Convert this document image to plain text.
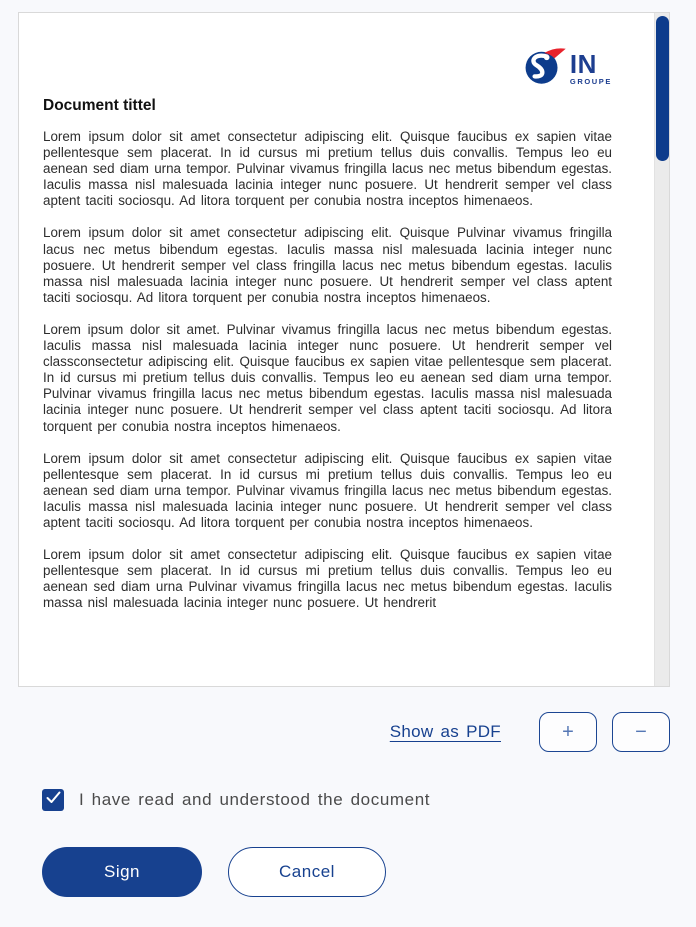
IN
GROUPE
Document tittel

Lorem ipsum dolor sit amet consectetur adipiscing elit. Quisque faucibus ex sapien vitae pellentesque sem placerat. In id cursus mi pretium tellus duis convallis. Tempus leo eu aenean sed diam urna tempor. Pulvinar vivamus fringilla lacus nec metus bibendum egestas. Iaculis massa nisl malesuada lacinia integer nunc posuere. Ut hendrerit semper vel class aptent taciti sociosqu. Ad litora torquent per conubia nostra inceptos himenaeos.

Lorem ipsum dolor sit amet consectetur adipiscing elit. Quisque Pulvinar vivamus fringilla lacus nec metus bibendum egestas. Iaculis massa nisl malesuada lacinia integer nunc posuere. Ut hendrerit semper vel class fringilla lacus nec metus bibendum egestas. Iaculis massa nisl malesuada lacinia integer nunc posuere. Ut hendrerit semper vel class aptent taciti sociosqu. Ad litora torquent per conubia nostra inceptos himenaeos.

Lorem ipsum dolor sit amet. Pulvinar vivamus fringilla lacus nec metus bibendum egestas. Iaculis massa nisl malesuada lacinia integer nunc posuere. Ut hendrerit semper vel classconsectetur adipiscing elit. Quisque faucibus ex sapien vitae pellentesque sem placerat. In id cursus mi pretium tellus duis convallis. Tempus leo eu aenean sed diam urna tempor. Pulvinar vivamus fringilla lacus nec metus bibendum egestas. Iaculis massa nisl malesuada lacinia integer nunc posuere. Ut hendrerit semper vel class aptent taciti sociosqu. Ad litora torquent per conubia nostra inceptos himenaeos.

Lorem ipsum dolor sit amet consectetur adipiscing elit. Quisque faucibus ex sapien vitae pellentesque sem placerat. In id cursus mi pretium tellus duis convallis. Tempus leo eu aenean sed diam urna tempor. Pulvinar vivamus fringilla lacus nec metus bibendum egestas. Iaculis massa nisl malesuada lacinia integer nunc posuere. Ut hendrerit semper vel class aptent taciti sociosqu. Ad litora torquent per conubia nostra inceptos himenaeos.

Lorem ipsum dolor sit amet consectetur adipiscing elit. Quisque faucibus ex sapien vitae pellentesque sem placerat. In id cursus mi pretium tellus duis convallis. Tempus leo eu aenean sed diam urna Pulvinar vivamus fringilla lacus nec metus bibendum egestas. Iaculis massa nisl malesuada lacinia integer nunc posuere. Ut hendrerit

Show as PDF	+	−
I have read and understood the document
Sign	Cancel
